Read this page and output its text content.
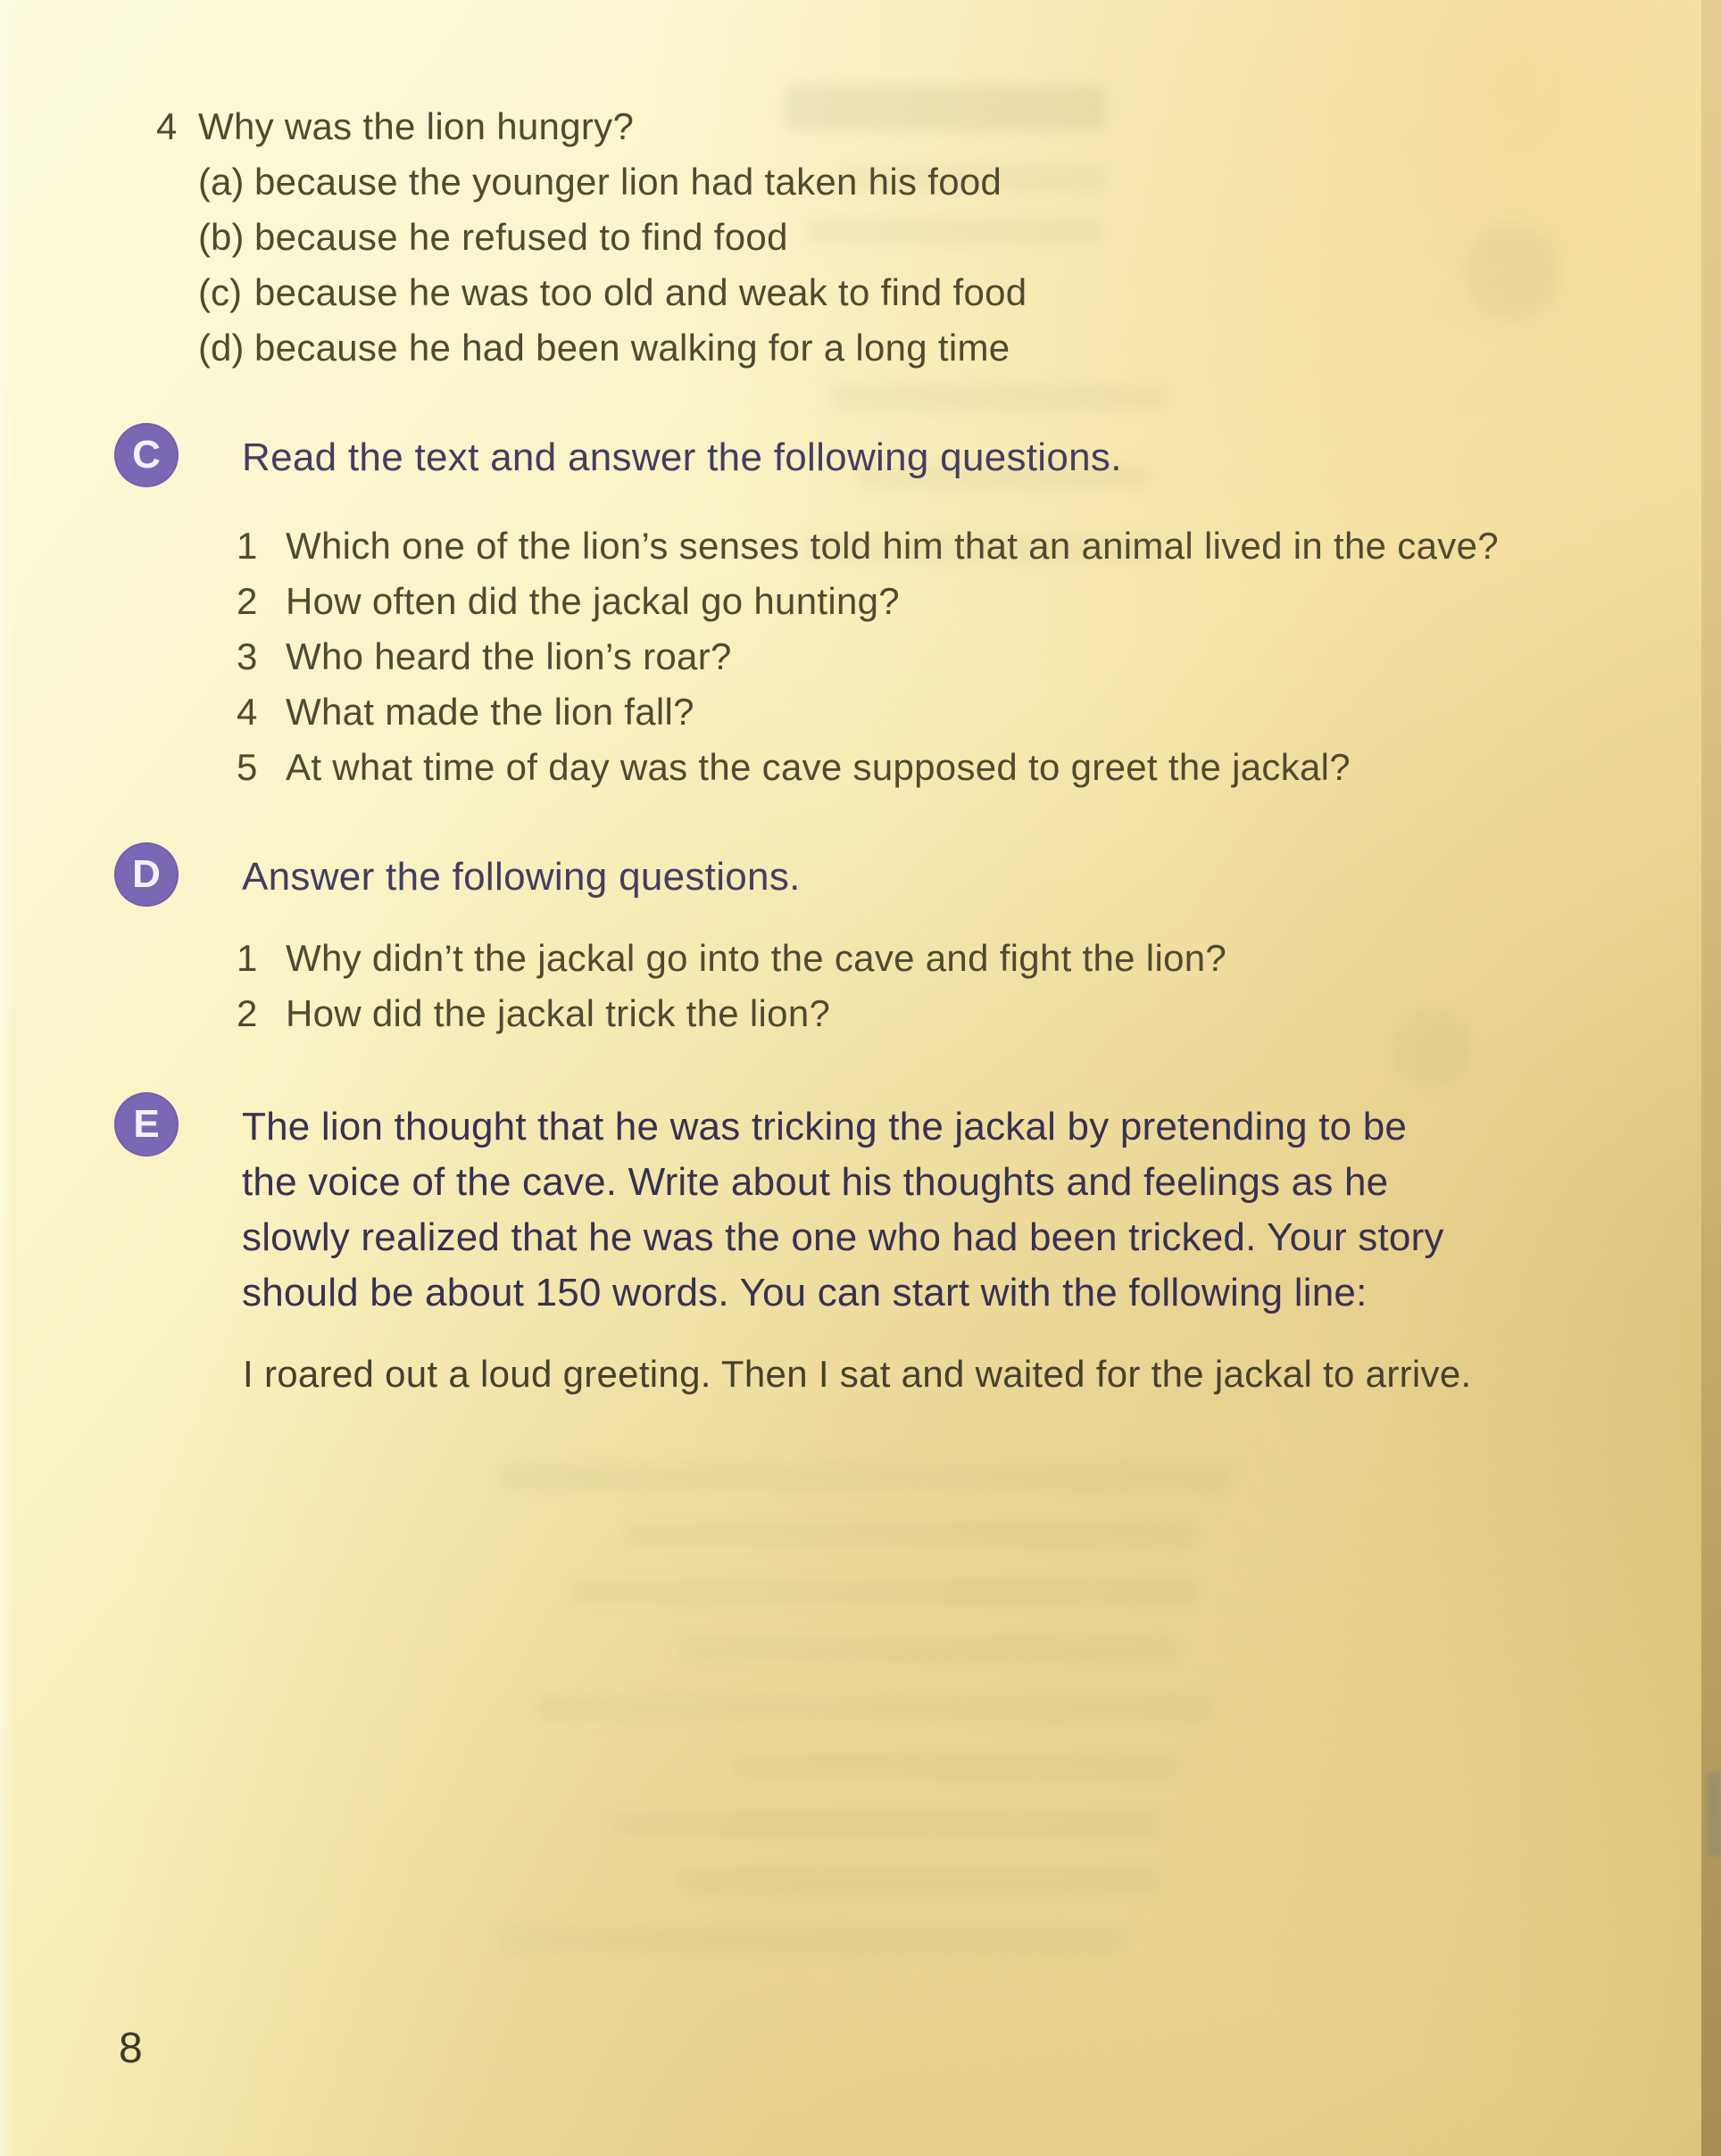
4 Why was the lion hungry?
(a) because the younger lion had taken his food
(b) because he refused to find food
(c) because he was too old and weak to find food
(d) because he had been walking for a long time
C Read the text and answer the following questions.
1 Which one of the lion’s senses told him that an animal lived in the cave?
2 How often did the jackal go hunting?
3 Who heard the lion’s roar?
4 What made the lion fall?
5 At what time of day was the cave supposed to greet the jackal?
D Answer the following questions.
1 Why didn’t the jackal go into the cave and fight the lion?
2 How did the jackal trick the lion?
E The lion thought that he was tricking the jackal by pretending to be
the voice of the cave. Write about his thoughts and feelings as he
slowly realized that he was the one who had been tricked. Your story
should be about 150 words. You can start with the following line:
I roared out a loud greeting. Then I sat and waited for the jackal to arrive.
8
